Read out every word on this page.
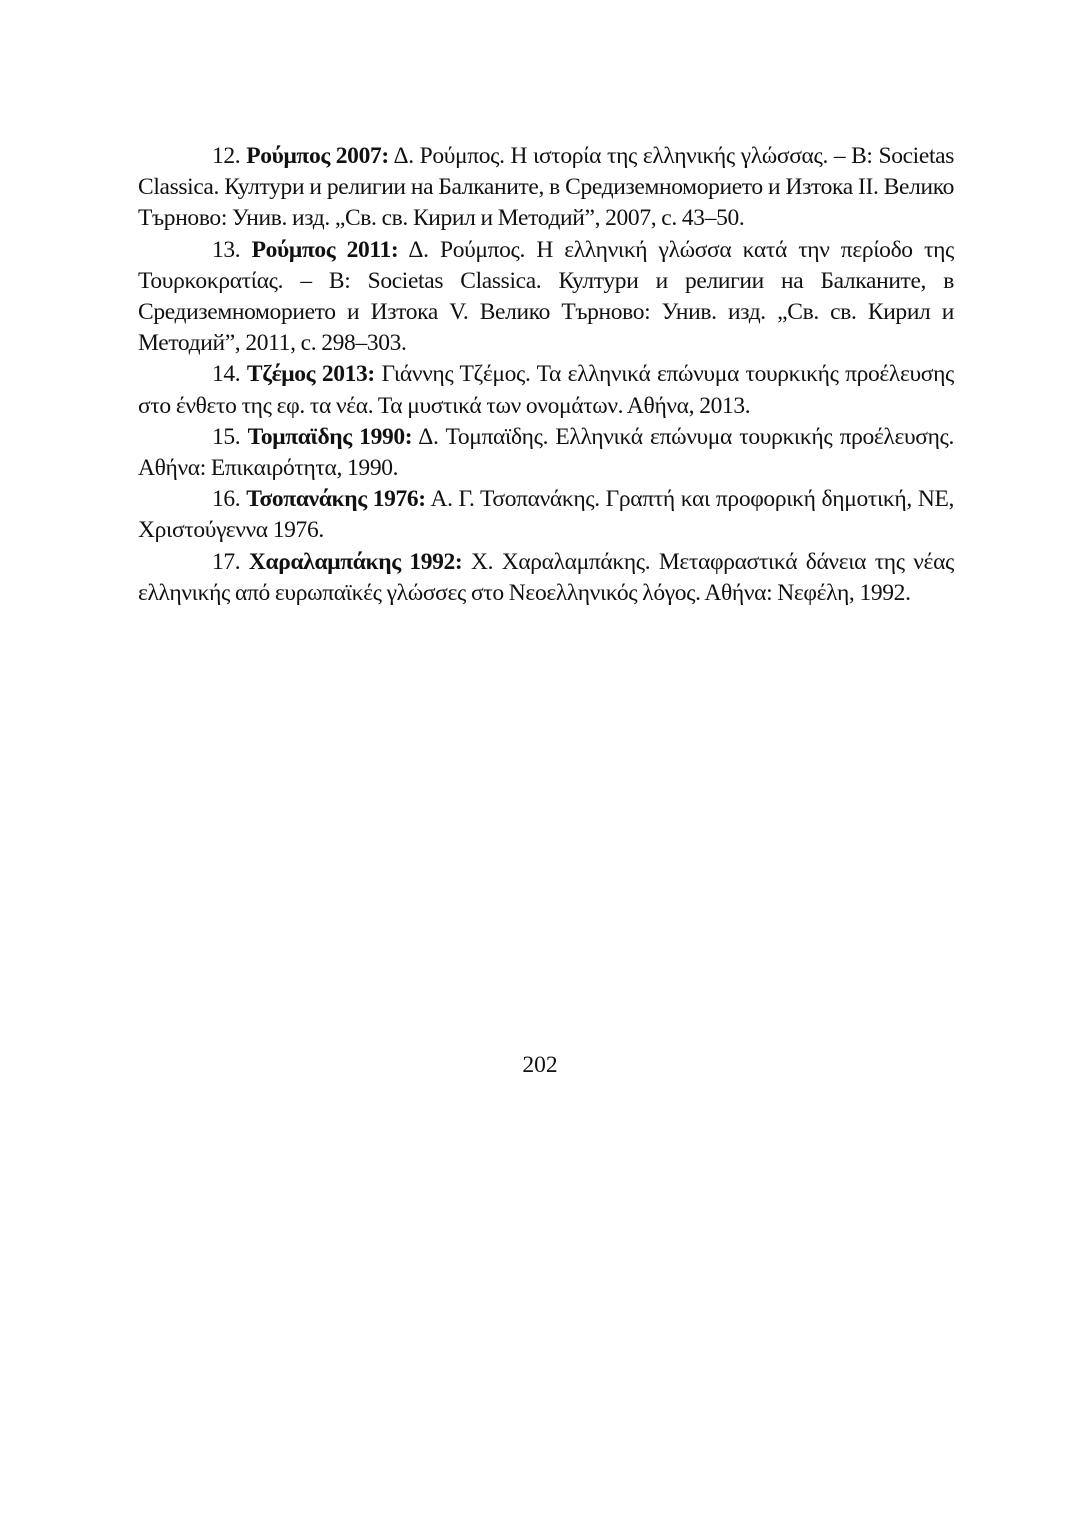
12. Ρούμπος 2007: Δ. Ρούμπος. Η ιστορία της ελληνικής γλώσσας. – В: Societas Classica. Култури и религии на Балканите, в Средиземноморието и Изтока II. Велико Търново: Унив. изд. „Св. св. Кирил и Методий”, 2007, с. 43–50.

13. Ρούμπος 2011: Δ. Ρούμπος. Η ελληνική γλώσσα κατά την περίοδο της Τουρκοκρατίας. – В: Societas Classica. Култури и религии на Балканите, в Средиземноморието и Изтока V. Велико Търново: Унив. изд. „Св. св. Кирил и Методий”, 2011, с. 298–303.

14. Τζέμος 2013: Γιάννης Τζέμος. Τα ελληνικά επώνυμα τουρκικής προέλευσης στο ένθετο της εφ. τα νέα. Τα μυστικά των ονομάτων. Αθήνα, 2013.

15. Τομπαϊδης 1990: Δ. Τομπαϊδης. Ελληνικά επώνυμα τουρκικής προέλευσης. Αθήνα: Επικαιρότητα, 1990.

16. Τσοπανάκης 1976: Α. Γ. Τσοπανάκης. Γραπτή και προφορική δημοτική, ΝΕ, Χριστούγεννα 1976.

17. Χαραλαμπάκης 1992: Χ. Χαραλαμπάκης. Μεταφραστικά δάνεια της νέας ελληνικής από ευρωπαϊκές γλώσσες στο Νεοελληνικός λόγος. Αθήνα: Νεφέλη, 1992.

202
